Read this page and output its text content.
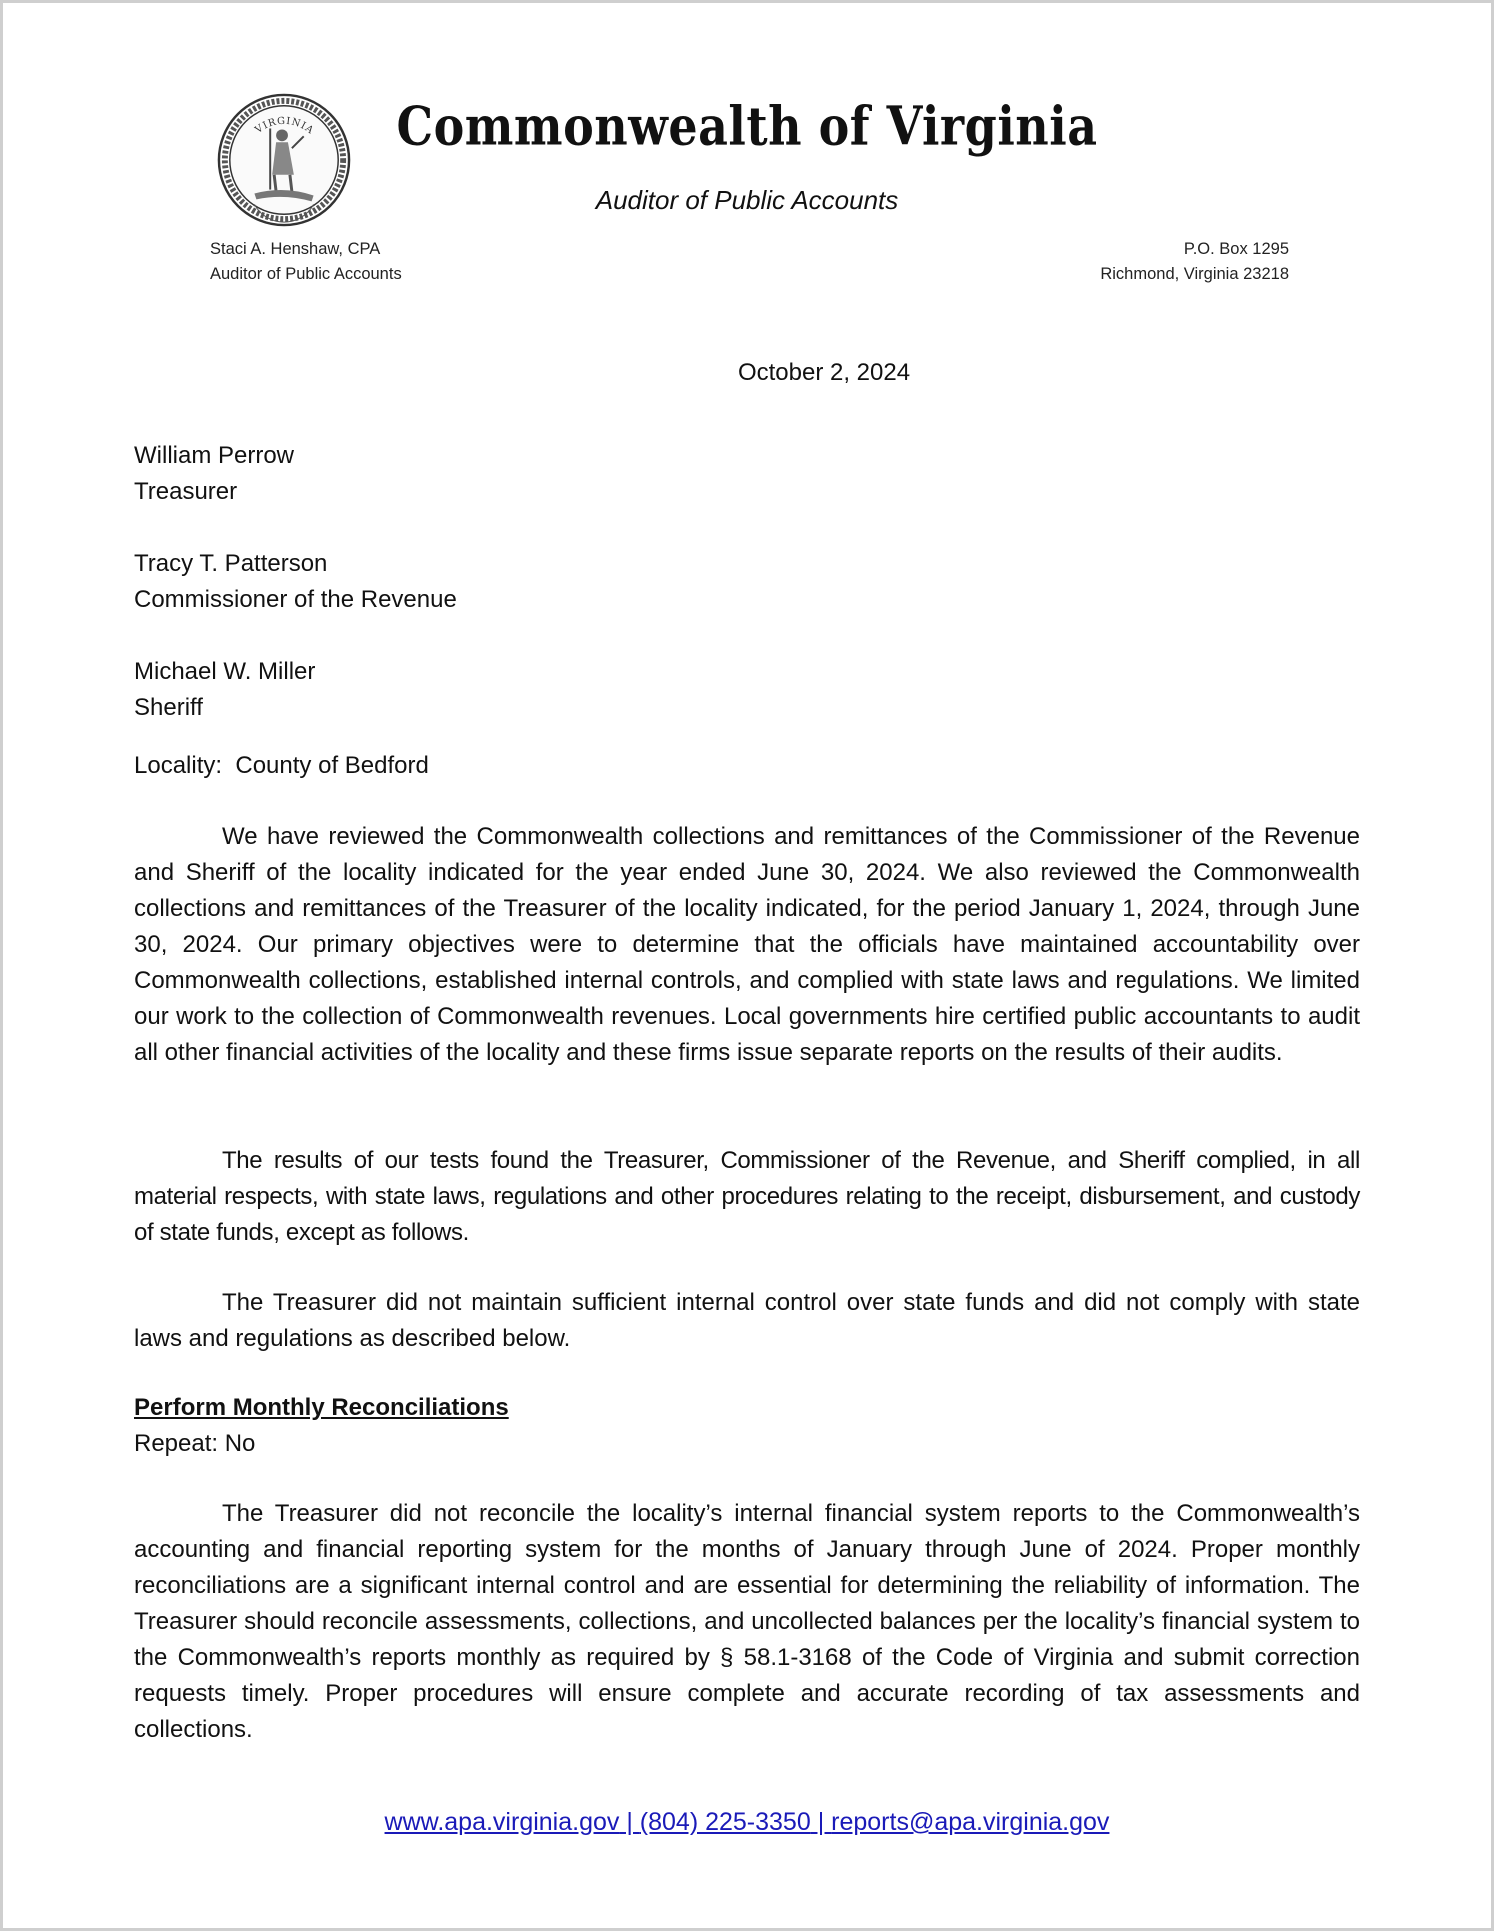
VIRGINIA	Commonwealth of Virginia
Auditor of Public Accounts
Staci A. Henshaw, CPA
Auditor of Public Accounts
P.O. Box 1295
Richmond, Virginia 23218
October 2, 2024
William Perrow
Treasurer
Tracy T. Patterson
Commissioner of the Revenue
Michael W. Miller
Sheriff
Locality:  County of Bedford

We have reviewed the Commonwealth collections and remittances of the Commissioner of the Revenue and Sheriff of the locality indicated for the year ended June 30, 2024. We also reviewed the Commonwealth collections and remittances of the Treasurer of the locality indicated, for the period January 1, 2024, through June 30, 2024. Our primary objectives were to determine that the officials have maintained accountability over Commonwealth collections, established internal controls, and complied with state laws and regulations. We limited our work to the collection of Commonwealth revenues. Local governments hire certified public accountants to audit all other financial activities of the locality and these firms issue separate reports on the results of their audits.

The results of our tests found the Treasurer, Commissioner of the Revenue, and Sheriff complied, in all material respects, with state laws, regulations and other procedures relating to the receipt, disbursement, and custody of state funds, except as follows.

The Treasurer did not maintain sufficient internal control over state funds and did not comply with state laws and regulations as described below.

Perform Monthly Reconciliations
Repeat: No

The Treasurer did not reconcile the locality’s internal financial system reports to the Commonwealth’s accounting and financial reporting system for the months of January through June of 2024. Proper monthly reconciliations are a significant internal control and are essential for determining the reliability of information. The Treasurer should reconcile assessments, collections, and uncollected balances per the locality’s financial system to the Commonwealth’s reports monthly as required by § 58.1-3168 of the Code of Virginia and submit correction requests timely. Proper procedures will ensure complete and accurate recording of tax assessments and collections.

www.apa.virginia.gov | (804) 225-3350 | reports@apa.virginia.gov
